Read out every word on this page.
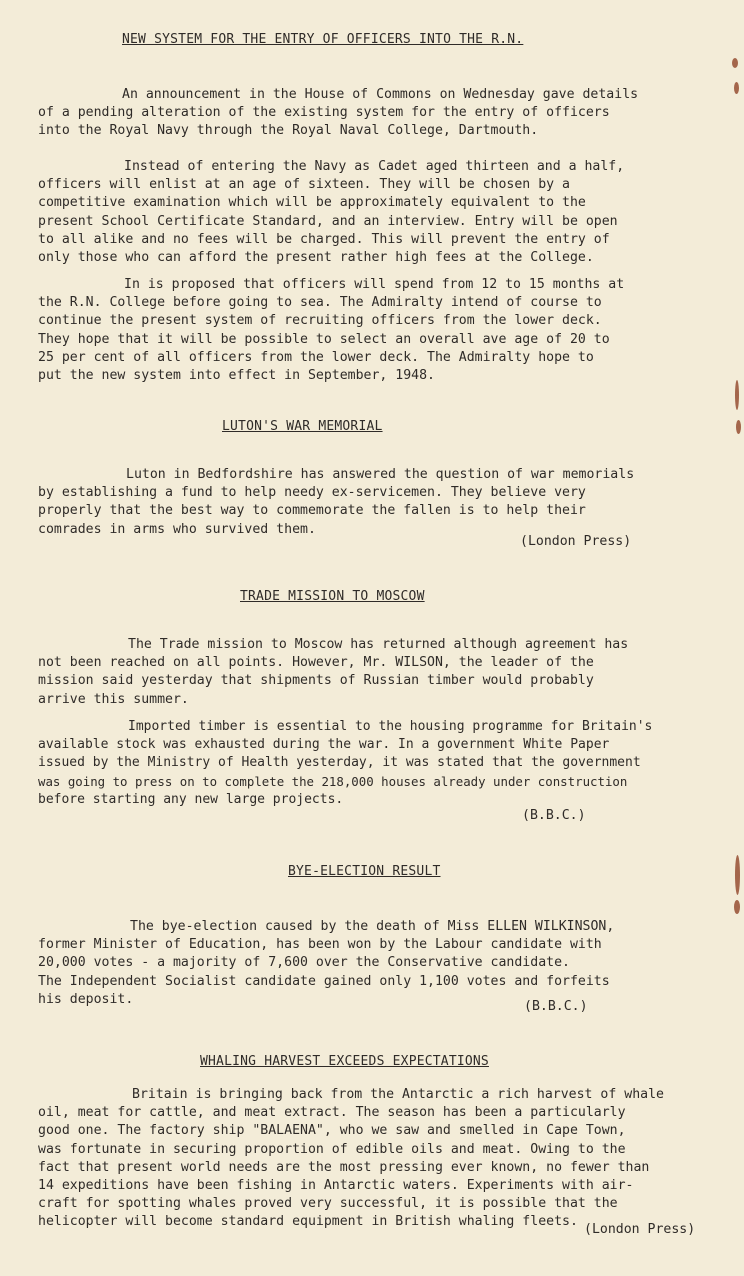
NEW SYSTEM FOR THE ENTRY OF OFFICERS INTO THE R.N.
An announcement in the House of Commons on Wednesday gave details
of a pending alteration of the existing system for the entry of officers
into the Royal Navy through the Royal Naval College, Dartmouth.
Instead of entering the Navy as Cadet aged thirteen and a half,
officers will enlist at an age of sixteen. They will be chosen by a
competitive examination which will be approximately equivalent to the
present School Certificate Standard, and an interview. Entry will be open
to all alike and no fees will be charged. This will prevent the entry of
only those who can afford the present rather high fees at the College.
In is proposed that officers will spend from 12 to 15 months at
the R.N. College before going to sea. The Admiralty intend of course to
continue the present system of recruiting officers from the lower deck.
They hope that it will be possible to select an overall ave age of 20 to
25 per cent of all officers from the lower deck. The Admiralty hope to
put the new system into effect in September, 1948.
LUTON'S WAR MEMORIAL
Luton in Bedfordshire has answered the question of war memorials
by establishing a fund to help needy ex-servicemen. They believe very
properly that the best way to commemorate the fallen is to help their
comrades in arms who survived them.
(London Press)
TRADE MISSION TO MOSCOW
The Trade mission to Moscow has returned although agreement has
not been reached on all points. However, Mr. WILSON, the leader of the
mission said yesterday that shipments of Russian timber would probably
arrive this summer.
Imported timber is essential to the housing programme for Britain's
available stock was exhausted during the war. In a government White Paper
issued by the Ministry of Health yesterday, it was stated that the government
was going to press on to complete the 218,000 houses already under construction
before starting any new large projects.
(B.B.C.)
BYE-ELECTION RESULT
The bye-election caused by the death of Miss ELLEN WILKINSON,
former Minister of Education, has been won by the Labour candidate with
20,000 votes - a majority of 7,600 over the Conservative candidate.
The Independent Socialist candidate gained only 1,100 votes and forfeits
his deposit.	(B.B.C.)
WHALING HARVEST EXCEEDS EXPECTATIONS
Britain is bringing back from the Antarctic a rich harvest of whale
oil, meat for cattle, and meat extract. The season has been a particularly
good one. The factory ship "BALAENA", who we saw and smelled in Cape Town,
was fortunate in securing proportion of edible oils and meat. Owing to the
fact that present world needs are the most pressing ever known, no fewer than
14 expeditions have been fishing in Antarctic waters. Experiments with air-
craft for spotting whales proved very successful, it is possible that the
helicopter will become standard equipment in British whaling fleets.
(London Press)
